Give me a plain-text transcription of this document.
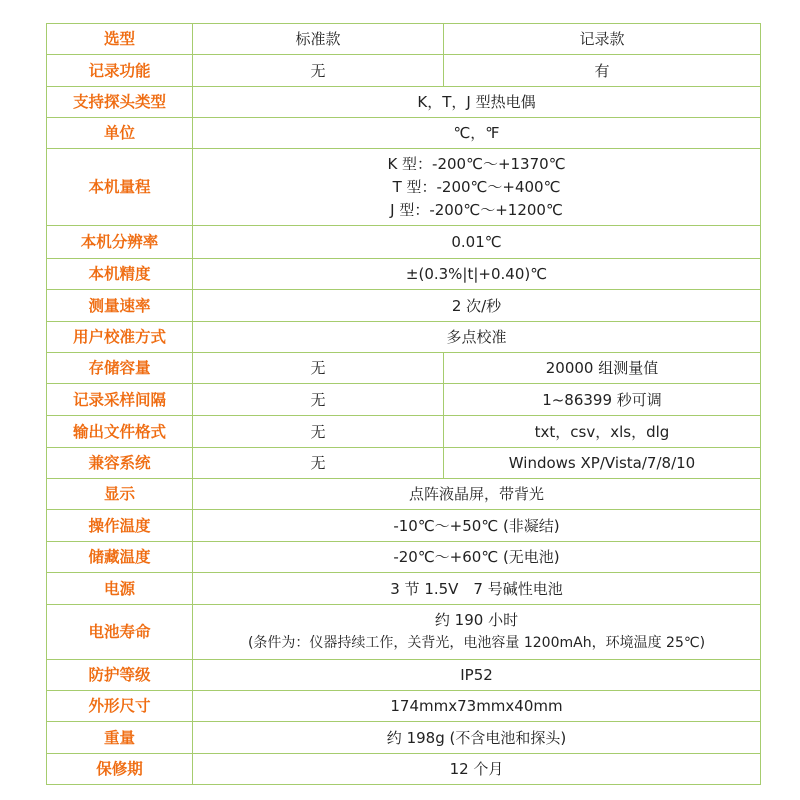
选型	标准款	记录款
记录功能	无	有
支持探头类型	K，T，J 型热电偶	
单位	℃，℉	
本机量程	K 型：-200℃～+1370℃
T 型：-200℃～+400℃
J 型：-200℃～+1200℃	

本机分辨率	0.01℃	
本机精度	±(0.3%|t|+0.40)℃	
测量速率	2 次/秒	
用户校准方式	多点校准	
存储容量	无	20000 组测量值
记录采样间隔	无	1~86399 秒可调
输出文件格式	无	txt，csv，xls，dlg
兼容系统	无	Windows XP/Vista/7/8/10
显示	点阵液晶屏，带背光	
操作温度	-10℃～+50℃ (非凝结)	
储藏温度	-20℃～+60℃ (无电池)	
电源	3 节 1.5V　7 号碱性电池	
电池寿命	约 190 小时
(条件为：仪器持续工作，关背光，电池容量 1200mAh，环境温度 25℃)	

防护等级	IP52	
外形尺寸	174mmx73mmx40mm	
重量	约 198g (不含电池和探头)	
保修期	12 个月	
